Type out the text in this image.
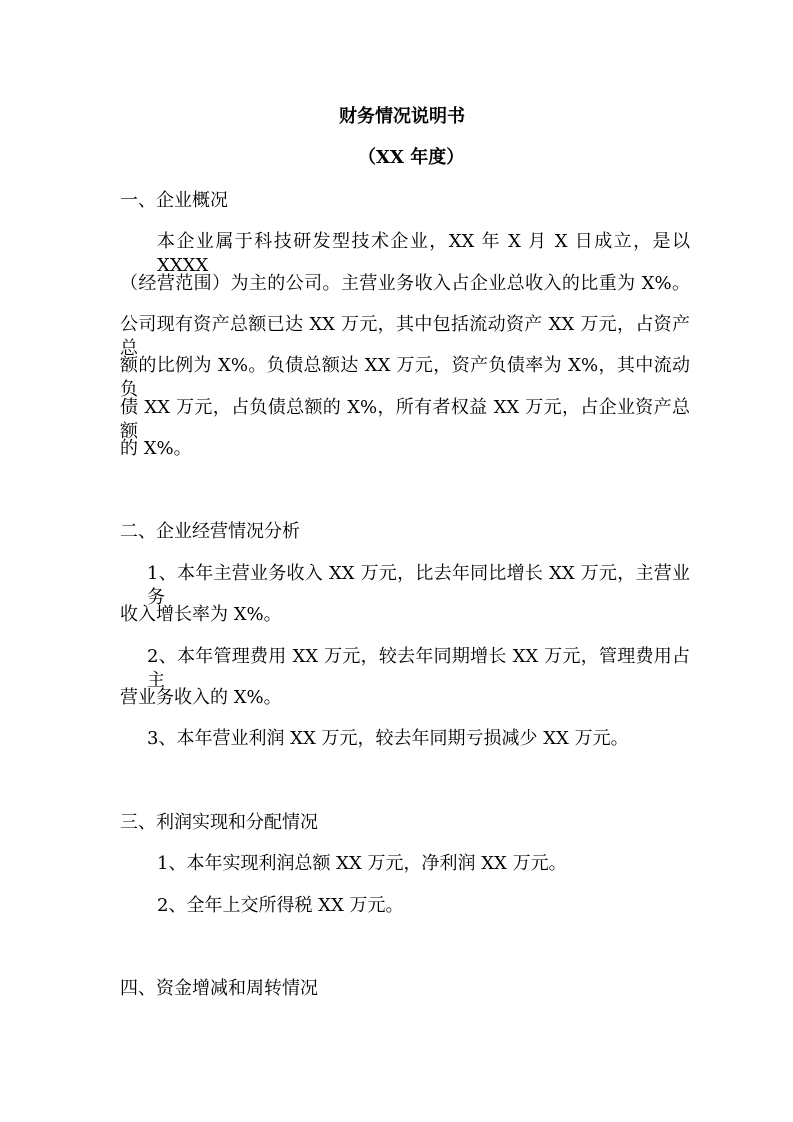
财务情况说明书
（XX 年度）
一、企业概况
本企业属于科技研发型技术企业，XX 年 X 月 X 日成立，是以 XXXX
（经营范围）为主的公司。主营业务收入占企业总收入的比重为 X%。
公司现有资产总额已达 XX 万元，其中包括流动资产 XX 万元，占资产总
额的比例为 X%。负债总额达 XX 万元，资产负债率为 X%，其中流动负
债 XX 万元，占负债总额的 X%，所有者权益 XX 万元，占企业资产总额
的 X%。
二、企业经营情况分析
1、本年主营业务收入 XX 万元，比去年同比增长 XX 万元，主营业务
收入增长率为 X%。
2、本年管理费用 XX 万元，较去年同期增长 XX 万元，管理费用占主
营业务收入的 X%。
3、本年营业利润 XX 万元，较去年同期亏损减少 XX 万元。
三、利润实现和分配情况
1、本年实现利润总额 XX 万元，净利润 XX 万元。
2、全年上交所得税 XX 万元。
四、资金增减和周转情况
